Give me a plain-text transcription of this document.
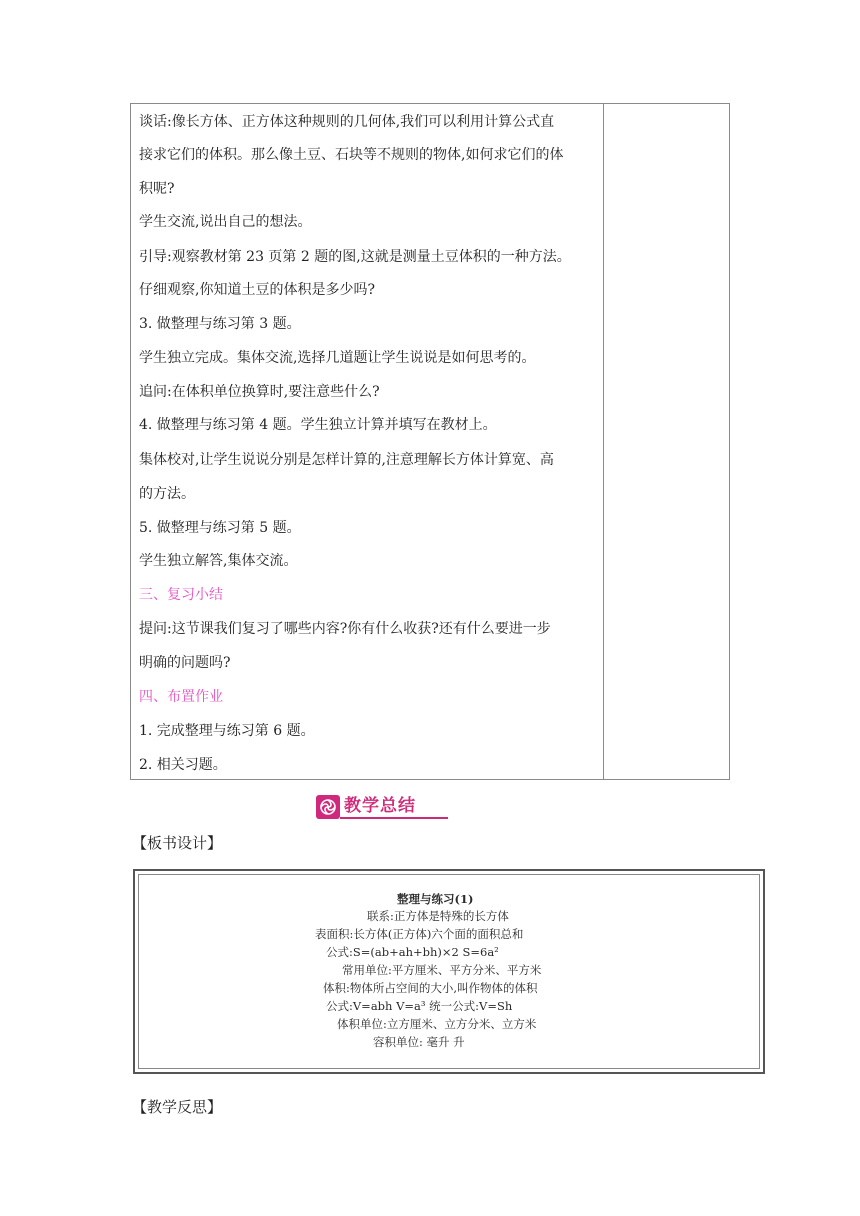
谈话:像长方体、正方体这种规则的几何体,我们可以利用计算公式直
接求它们的体积。那么像土豆、石块等不规则的物体,如何求它们的体
积呢?
学生交流,说出自己的想法。
引导:观察教材第 23 页第 2 题的图,这就是测量土豆体积的一种方法。
仔细观察,你知道土豆的体积是多少吗?
3. 做整理与练习第 3 题。
学生独立完成。集体交流,选择几道题让学生说说是如何思考的。
追问:在体积单位换算时,要注意些什么?
4. 做整理与练习第 4 题。学生独立计算并填写在教材上。
集体校对,让学生说说分别是怎样计算的,注意理解长方体计算宽、高
的方法。
5. 做整理与练习第 5 题。
学生独立解答,集体交流。
三、复习小结
提问:这节课我们复习了哪些内容?你有什么收获?还有什么要进一步
明确的问题吗?
四、布置作业
1. 完成整理与练习第 6 题。
2. 相关习题。
教学总结
【板书设计】
整理与练习(1)
联系:正方体是特殊的长方体
表面积:长方体(正方体)六个面的面积总和
公式:S=(ab+ah+bh)×2 S=6a²
常用单位:平方厘米、平方分米、平方米
体积:物体所占空间的大小,叫作物体的体积
公式:V=abh V=a³ 统一公式:V=Sh
体积单位:立方厘米、立方分米、立方米
容积单位: 毫升 升
【教学反思】
